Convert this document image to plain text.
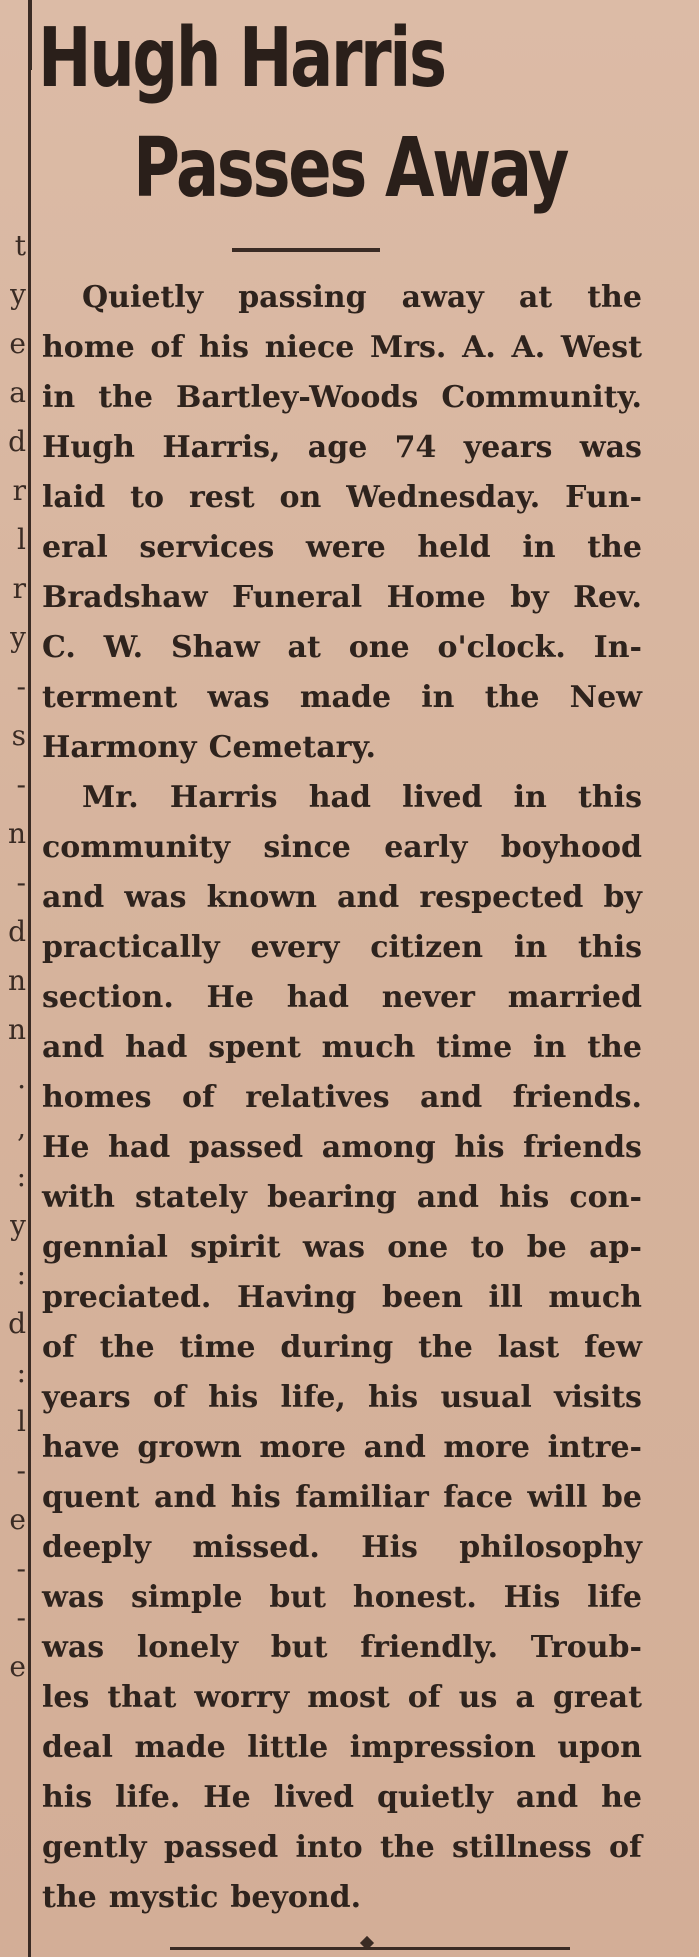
t
y
e
a
d
r
l
r
y
-
s
-
n
-
d
n
n
.
,
:
y
:
d
:
l
-
e
-
-
e
Hugh Harris
Passes Away
Quietly passing away at the
home of his niece Mrs. A. A. West
in the Bartley-Woods Community.
Hugh Harris, age 74 years was
laid to rest on Wednesday. Fun-
eral services were held in the
Bradshaw Funeral Home by Rev.
C. W. Shaw at one o'clock. In-
terment was made in the New
Harmony Cemetary.
Mr. Harris had lived in this
community since early boyhood
and was known and respected by
practically every citizen in this
section. He had never married
and had spent much time in the
homes of relatives and friends.
He had passed among his friends
with stately bearing and his con-
gennial spirit was one to be ap-
preciated. Having been ill much
of the time during the last few
years of his life, his usual visits
have grown more and more intre-
quent and his familiar face will be
deeply missed. His philosophy
was simple but honest. His life
was lonely but friendly. Troub-
les that worry most of us a great
deal made little impression upon
his life. He lived quietly and he
gently passed into the stillness of
the mystic beyond.
